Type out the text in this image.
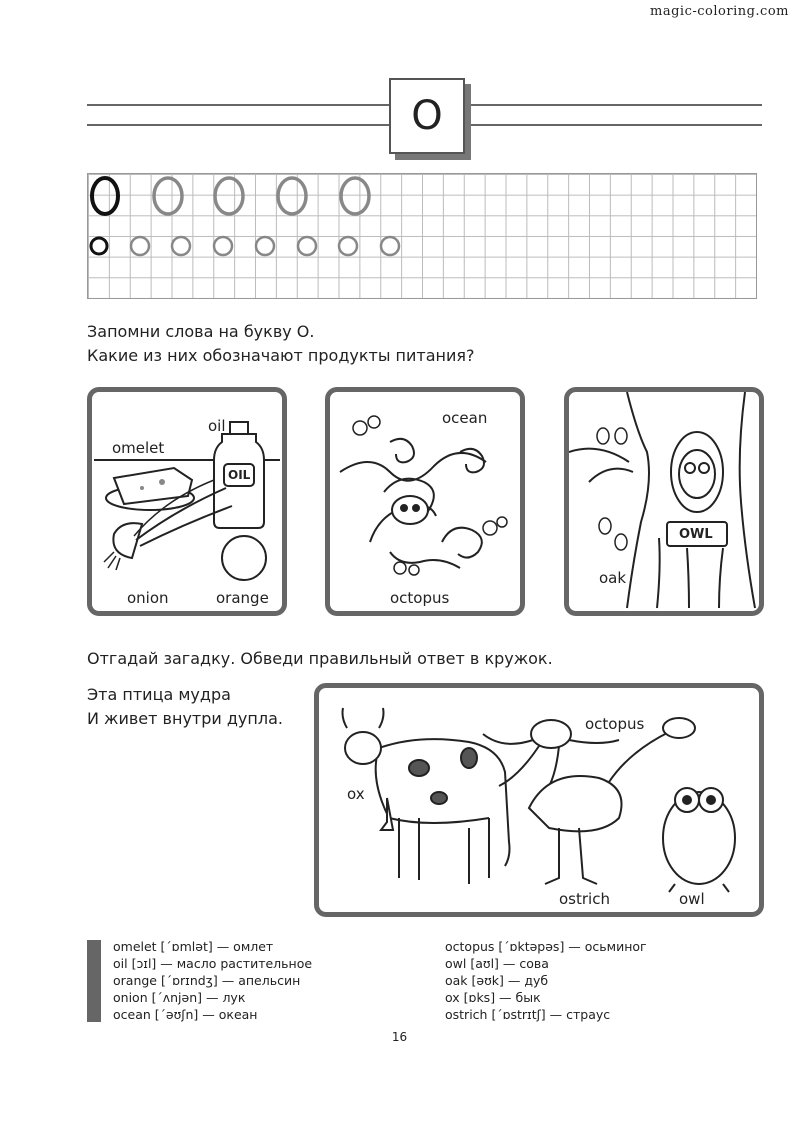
magic-coloring.com
O
Запомни слова на букву О.
Какие из них обозначают продукты питания?
omelet
oil
OIL
onion	orange
ocean
octopus
OWL
oak
Отгадай загадку. Обведи правильный ответ в кружок.
Эта птица мудра
И живет внутри дупла.
ox
octopus
ostrich	owl
omelet [΄ɒmlət] — омлет
oil [ɔɪl] — масло растительное
orange [΄ɒrɪndʒ] — апельсин
onion [΄ʌnjən] — лук
ocean [΄əʊʃn] — океан
octopus [΄ɒktəpəs] — осьминог
owl [aʊl] — сова
oak [əʊk] — дуб
ox [ɒks] — бык
ostrich [΄ɒstrɪtʃ] — страус
16
